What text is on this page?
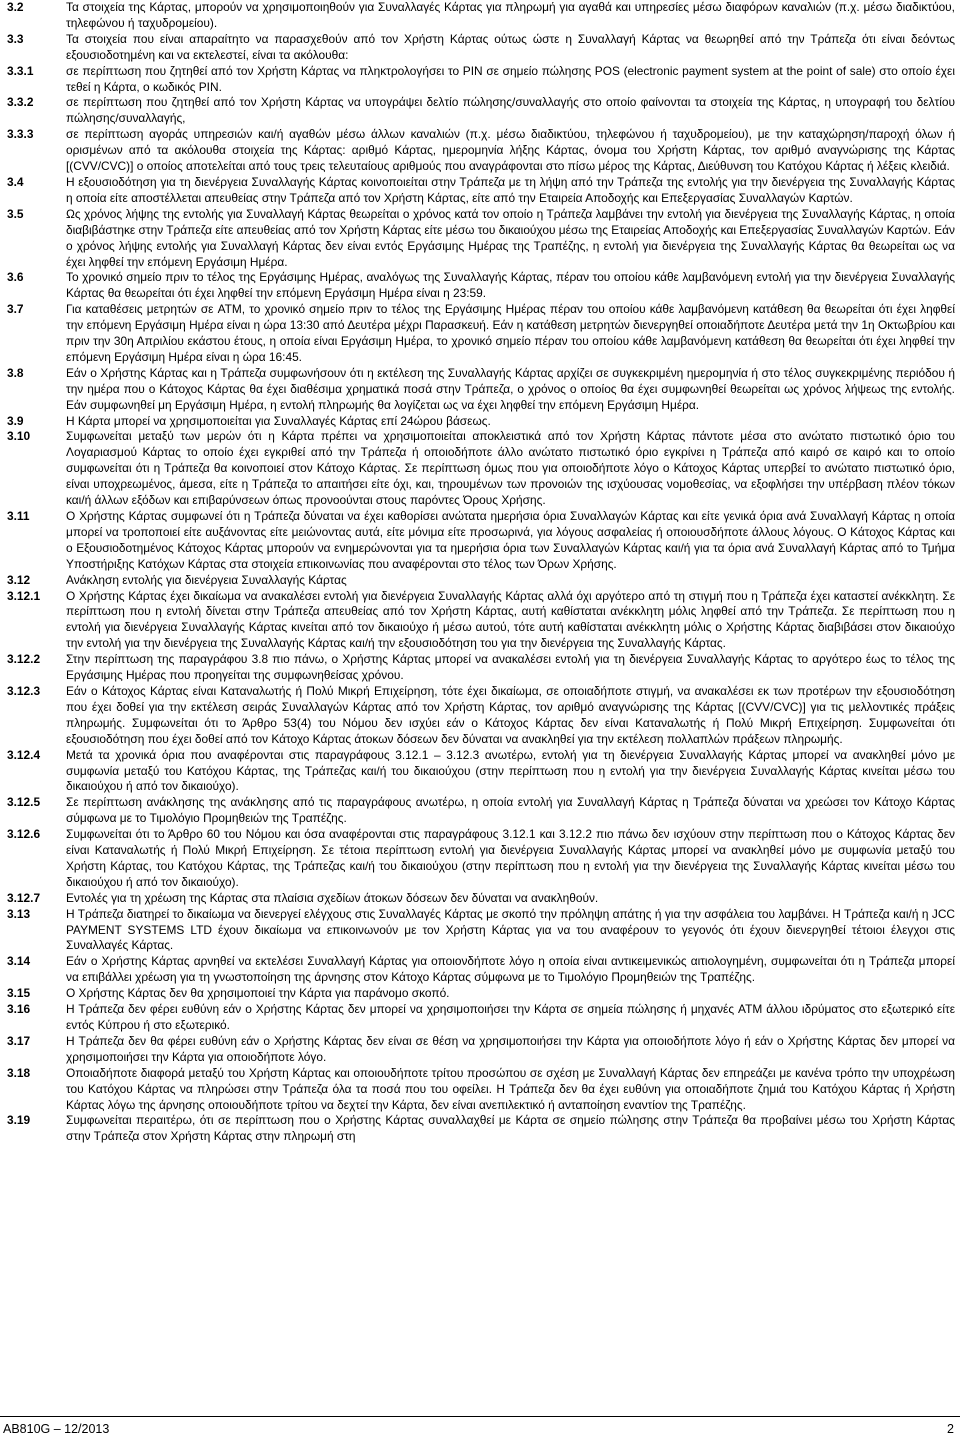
3.2	Τα στοιχεία της Κάρτας, μπορούν να χρησιμοποιηθούν για Συναλλαγές Κάρτας για πληρωμή για αγαθά και υπηρεσίες μέσω διαφόρων καναλιών (π.χ. μέσω διαδικτύου, τηλεφώνου ή ταχυδρομείου).
3.3	Τα στοιχεία που είναι απαραίτητο να παρασχεθούν από τον Χρήστη Κάρτας ούτως ώστε η Συναλλαγή Κάρτας να θεωρηθεί από την Τράπεζα ότι είναι δεόντως εξουσιοδοτημένη και να εκτελεστεί, είναι τα ακόλουθα:
3.3.1	σε περίπτωση που ζητηθεί από τον Χρήστη Κάρτας να πληκτρολογήσει το PIN σε σημείο πώλησης POS (electronic payment system at the point of sale) στο οποίο έχει τεθεί η Κάρτα, ο κωδικός PIN.
3.3.2	σε περίπτωση που ζητηθεί από τον Χρήστη Κάρτας να υπογράψει δελτίο πώλησης/συναλλαγής στο οποίο φαίνονται τα στοιχεία της Κάρτας, η υπογραφή του δελτίου πώλησης/συναλλαγής,
3.3.3	σε περίπτωση αγοράς υπηρεσιών και/ή αγαθών μέσω άλλων καναλιών (π.χ. μέσω διαδικτύου, τηλεφώνου ή ταχυδρομείου), με την καταχώρηση/παροχή όλων ή ορισμένων από τα ακόλουθα στοιχεία της Κάρτας: αριθμό Κάρτας, ημερομηνία λήξης Κάρτας, όνομα του Χρήστη Κάρτας, τον αριθμό αναγνώρισης της Κάρτας [(CVV/CVC)] ο οποίος αποτελείται από τους τρεις τελευταίους αριθμούς που αναγράφονται στο πίσω μέρος της Κάρτας, Διεύθυνση του Κατόχου Κάρτας ή λέξεις κλειδιά.
3.4	Η εξουσιοδότηση για τη διενέργεια Συναλλαγής Κάρτας κοινοποιείται στην Τράπεζα με τη λήψη από την Τράπεζα της εντολής για την διενέργεια της Συναλλαγής Κάρτας η οποία είτε αποστέλλεται απευθείας στην Τράπεζα από τον Χρήστη Κάρτας, είτε από την Εταιρεία Αποδοχής και Επεξεργασίας Συναλλαγών Καρτών.
3.5	Ως χρόνος λήψης της εντολής για Συναλλαγή Κάρτας θεωρείται ο χρόνος κατά τον οποίο η Τράπεζα λαμβάνει την εντολή για διενέργεια της Συναλλαγής Κάρτας, η οποία διαβιβάστηκε στην Τράπεζα είτε απευθείας από τον Χρήστη Κάρτας είτε μέσω του δικαιούχου μέσω της Εταιρείας Αποδοχής και Επεξεργασίας Συναλλαγών Καρτών. Εάν ο χρόνος λήψης εντολής για Συναλλαγή Κάρτας δεν είναι εντός Εργάσιμης Ημέρας της Τραπέζης, η εντολή για διενέργεια της Συναλλαγής Κάρτας θα θεωρείται ως να έχει ληφθεί την επόμενη Εργάσιμη Ημέρα.
3.6	Το χρονικό σημείο πριν το τέλος της Εργάσιμης Ημέρας, αναλόγως της Συναλλαγής Κάρτας, πέραν του οποίου κάθε λαμβανόμενη εντολή για την διενέργεια Συναλλαγής Κάρτας θα θεωρείται ότι έχει ληφθεί την επόμενη Εργάσιμη Ημέρα είναι η 23:59.
3.7	Για καταθέσεις μετρητών σε ATM, το χρονικό σημείο πριν το τέλος της Εργάσιμης Ημέρας πέραν του οποίου κάθε λαμβανόμενη κατάθεση θα θεωρείται ότι έχει ληφθεί την επόμενη Εργάσιμη Ημέρα είναι η ώρα 13:30 από Δευτέρα μέχρι Παρασκευή. Εάν η κατάθεση μετρητών διενεργηθεί οποιαδήποτε Δευτέρα μετά την 1η Οκτωβρίου και πριν την 30η Απριλίου εκάστου έτους, η οποία είναι Εργάσιμη Ημέρα, το χρονικό σημείο πέραν του οποίου κάθε λαμβανόμενη κατάθεση θα θεωρείται ότι έχει ληφθεί την επόμενη Εργάσιμη Ημέρα είναι η ώρα 16:45.
3.8	Εάν ο Χρήστης Κάρτας και η Τράπεζα συμφωνήσουν ότι η εκτέλεση της Συναλλαγής Κάρτας αρχίζει σε συγκεκριμένη ημερομηνία ή στο τέλος συγκεκριμένης περιόδου ή την ημέρα που ο Κάτοχος Κάρτας θα έχει διαθέσιμα χρηματικά ποσά στην Τράπεζα, ο χρόνος ο οποίος θα έχει συμφωνηθεί θεωρείται ως χρόνος λήψεως της εντολής. Εάν συμφωνηθεί μη Εργάσιμη Ημέρα, η εντολή πληρωμής θα λογίζεται ως να έχει ληφθεί την επόμενη Εργάσιμη Ημέρα.
3.9	Η Κάρτα μπορεί να χρησιμοποιείται για Συναλλαγές Κάρτας επί 24ώρου βάσεως.
3.10	Συμφωνείται μεταξύ των μερών ότι η Κάρτα πρέπει να χρησιμοποιείται αποκλειστικά από τον Χρήστη Κάρτας πάντοτε μέσα στο ανώτατο πιστωτικό όριο του Λογαριασμού Κάρτας το οποίο έχει εγκριθεί από την Τράπεζα ή οποιοδήποτε άλλο ανώτατο πιστωτικό όριο εγκρίνει η Τράπεζα από καιρό σε καιρό και το οποίο συμφωνείται ότι η Τράπεζα θα κοινοποιεί στον Κάτοχο Κάρτας. Σε περίπτωση όμως που για οποιοδήποτε λόγο ο Κάτοχος Κάρτας υπερβεί το ανώτατο πιστωτικό όριο, είναι υποχρεωμένος, άμεσα, είτε η Τράπεζα το απαιτήσει είτε όχι, και, τηρουμένων των προνοιών της ισχύουσας νομοθεσίας, να εξοφλήσει την υπέρβαση πλέον τόκων και/ή άλλων εξόδων και επιβαρύνσεων όπως προνοούνται στους παρόντες Όρους Χρήσης.
3.11	Ο Χρήστης Κάρτας συμφωνεί ότι η Τράπεζα δύναται να έχει καθορίσει ανώτατα ημερήσια όρια Συναλλαγών Κάρτας και είτε γενικά όρια ανά Συναλλαγή Κάρτας η οποία μπορεί να τροποποιεί είτε αυξάνοντας είτε μειώνοντας αυτά, είτε μόνιμα είτε προσωρινά, για λόγους ασφαλείας ή οποιουσδήποτε άλλους λόγους. Ο Κάτοχος Κάρτας και ο Εξουσιοδοτημένος Κάτοχος Κάρτας μπορούν να ενημερώνονται για τα ημερήσια όρια των Συναλλαγών Κάρτας και/ή για τα όρια ανά Συναλλαγή Κάρτας από το Τμήμα Υποστήριξης Κατόχων Κάρτας στα στοιχεία επικοινωνίας που αναφέρονται στο τέλος των Όρων Χρήσης.
3.12	Ανάκληση εντολής για διενέργεια Συναλλαγής Κάρτας
3.12.1	Ο Χρήστης Κάρτας έχει δικαίωμα να ανακαλέσει εντολή για διενέργεια Συναλλαγής Κάρτας αλλά όχι αργότερο από τη στιγμή που η Τράπεζα έχει καταστεί ανέκκλητη. Σε περίπτωση που η εντολή δίνεται στην Τράπεζα απευθείας από τον Χρήστη Κάρτας, αυτή καθίσταται ανέκκλητη μόλις ληφθεί από την Τράπεζα. Σε περίπτωση που η εντολή για διενέργεια Συναλλαγής Κάρτας κινείται από τον δικαιούχο ή μέσω αυτού, τότε αυτή καθίσταται ανέκκλητη μόλις ο Χρήστης Κάρτας διαβιβάσει στον δικαιούχο την εντολή για την διενέργεια της Συναλλαγής Κάρτας και/ή την εξουσιοδότηση του για την διενέργεια της Συναλλαγής Κάρτας.
3.12.2	Στην περίπτωση της παραγράφου 3.8 πιο πάνω, ο Χρήστης Κάρτας μπορεί να ανακαλέσει εντολή για τη διενέργεια Συναλλαγής Κάρτας το αργότερο έως το τέλος της Εργάσιμης Ημέρας που προηγείται της συμφωνηθείσας χρόνου.
3.12.3	Εάν ο Κάτοχος Κάρτας είναι Καταναλωτής ή Πολύ Μικρή Επιχείρηση, τότε έχει δικαίωμα, σε οποιαδήποτε στιγμή, να ανακαλέσει εκ των προτέρων την εξουσιοδότηση που έχει δοθεί για την εκτέλεση σειράς Συναλλαγών Κάρτας από τον Χρήστη Κάρτας, τον αριθμό αναγνώρισης της Κάρτας [(CVV/CVC)] για τις μελλοντικές πράξεις πληρωμής. Συμφωνείται ότι το Άρθρο 53(4) του Νόμου δεν ισχύει εάν ο Κάτοχος Κάρτας δεν είναι Καταναλωτής ή Πολύ Μικρή Επιχείρηση. Συμφωνείται ότι εξουσιοδότηση που έχει δοθεί από τον Κάτοχο Κάρτας άτοκων δόσεων δεν δύναται να ανακληθεί για την εκτέλεση πολλαπλών πράξεων πληρωμής.
3.12.4	Μετά τα χρονικά όρια που αναφέρονται στις παραγράφους 3.12.1 – 3.12.3 ανωτέρω, εντολή για τη διενέργεια Συναλλαγής Κάρτας μπορεί να ανακληθεί μόνο με συμφωνία μεταξύ του Κατόχου Κάρτας, της Τράπεζας και/ή του δικαιούχου (στην περίπτωση που η εντολή για την διενέργεια Συναλλαγής Κάρτας κινείται μέσω του δικαιούχου ή από τον δικαιούχο).
3.12.5	Σε περίπτωση ανάκλησης της ανάκλησης από τις παραγράφους ανωτέρω, η οποία εντολή για Συναλλαγή Κάρτας η Τράπεζα δύναται να χρεώσει τον Κάτοχο Κάρτας σύμφωνα με το Τιμολόγιο Προμηθειών της Τραπέζης.
3.12.6	Συμφωνείται ότι το Άρθρο 60 του Νόμου και όσα αναφέρονται στις παραγράφους 3.12.1 και 3.12.2 πιο πάνω δεν ισχύουν στην περίπτωση που ο Κάτοχος Κάρτας δεν είναι Καταναλωτής ή Πολύ Μικρή Επιχείρηση. Σε τέτοια περίπτωση εντολή για διενέργεια Συναλλαγής Κάρτας μπορεί να ανακληθεί μόνο με συμφωνία μεταξύ του Χρήστη Κάρτας, του Κατόχου Κάρτας, της Τράπεζας και/ή του δικαιούχου (στην περίπτωση που η εντολή για την διενέργεια της Συναλλαγής Κάρτας κινείται μέσω του δικαιούχου ή από τον δικαιούχο).
3.12.7	Εντολές για τη χρέωση της Κάρτας στα πλαίσια σχεδίων άτοκων δόσεων δεν δύναται να ανακληθούν.
3.13	Η Τράπεζα διατηρεί το δικαίωμα να διενεργεί ελέγχους στις Συναλλαγές Κάρτας με σκοπό την πρόληψη απάτης ή για την ασφάλεια του λαμβάνει. Η Τράπεζα και/ή η JCC PAYMENT SYSTEMS LTD έχουν δικαίωμα να επικοινωνούν με τον Χρήστη Κάρτας για να του αναφέρουν το γεγονός ότι έχουν διενεργηθεί τέτοιοι έλεγχοι στις Συναλλαγές Κάρτας.
3.14	Εάν ο Χρήστης Κάρτας αρνηθεί να εκτελέσει Συναλλαγή Κάρτας για οποιονδήποτε λόγο η οποία είναι αντικειμενικώς αιτιολογημένη, συμφωνείται ότι η Τράπεζα μπορεί να επιβάλλει χρέωση για τη γνωστοποίηση της άρνησης στον Κάτοχο Κάρτας σύμφωνα με το Τιμολόγιο Προμηθειών της Τραπέζης.
3.15	Ο Χρήστης Κάρτας δεν θα χρησιμοποιεί την Κάρτα για παράνομο σκοπό.
3.16	Η Τράπεζα δεν φέρει ευθύνη εάν ο Χρήστης Κάρτας δεν μπορεί να χρησιμοποιήσει την Κάρτα σε σημεία πώλησης ή μηχανές ATM άλλου ιδρύματος στο εξωτερικό είτε εντός Κύπρου ή στο εξωτερικό.
3.17	Η Τράπεζα δεν θα φέρει ευθύνη εάν ο Χρήστης Κάρτας δεν είναι σε θέση να χρησιμοποιήσει την Κάρτα για οποιοδήποτε λόγο ή εάν ο Χρήστης Κάρτας δεν μπορεί να χρησιμοποιήσει την Κάρτα για οποιοδήποτε λόγο.
3.18	Οποιαδήποτε διαφορά μεταξύ του Χρήστη Κάρτας και οποιουδήποτε τρίτου προσώπου σε σχέση με Συναλλαγή Κάρτας δεν επηρεάζει με κανένα τρόπο την υποχρέωση του Κατόχου Κάρτας να πληρώσει στην Τράπεζα όλα τα ποσά που του οφείλει. Η Τράπεζα δεν θα έχει ευθύνη για οποιαδήποτε ζημιά του Κατόχου Κάρτας ή Χρήστη Κάρτας λόγω της άρνησης οποιουδήποτε τρίτου να δεχτεί την Κάρτα, δεν είναι ανεπιλεκτικό ή ανταποίηση εναντίον της Τραπέζης.
3.19	Συμφωνείται περαιτέρω, ότι σε περίπτωση που ο Χρήστης Κάρτας συναλλαχθεί με Κάρτα σε σημείο πώλησης στην Τράπεζα θα προβαίνει μέσω του Χρήστη Κάρτας στην Τράπεζα στον Χρήστη Κάρτας στην πληρωμή στη
AB810G – 12/2013	2
